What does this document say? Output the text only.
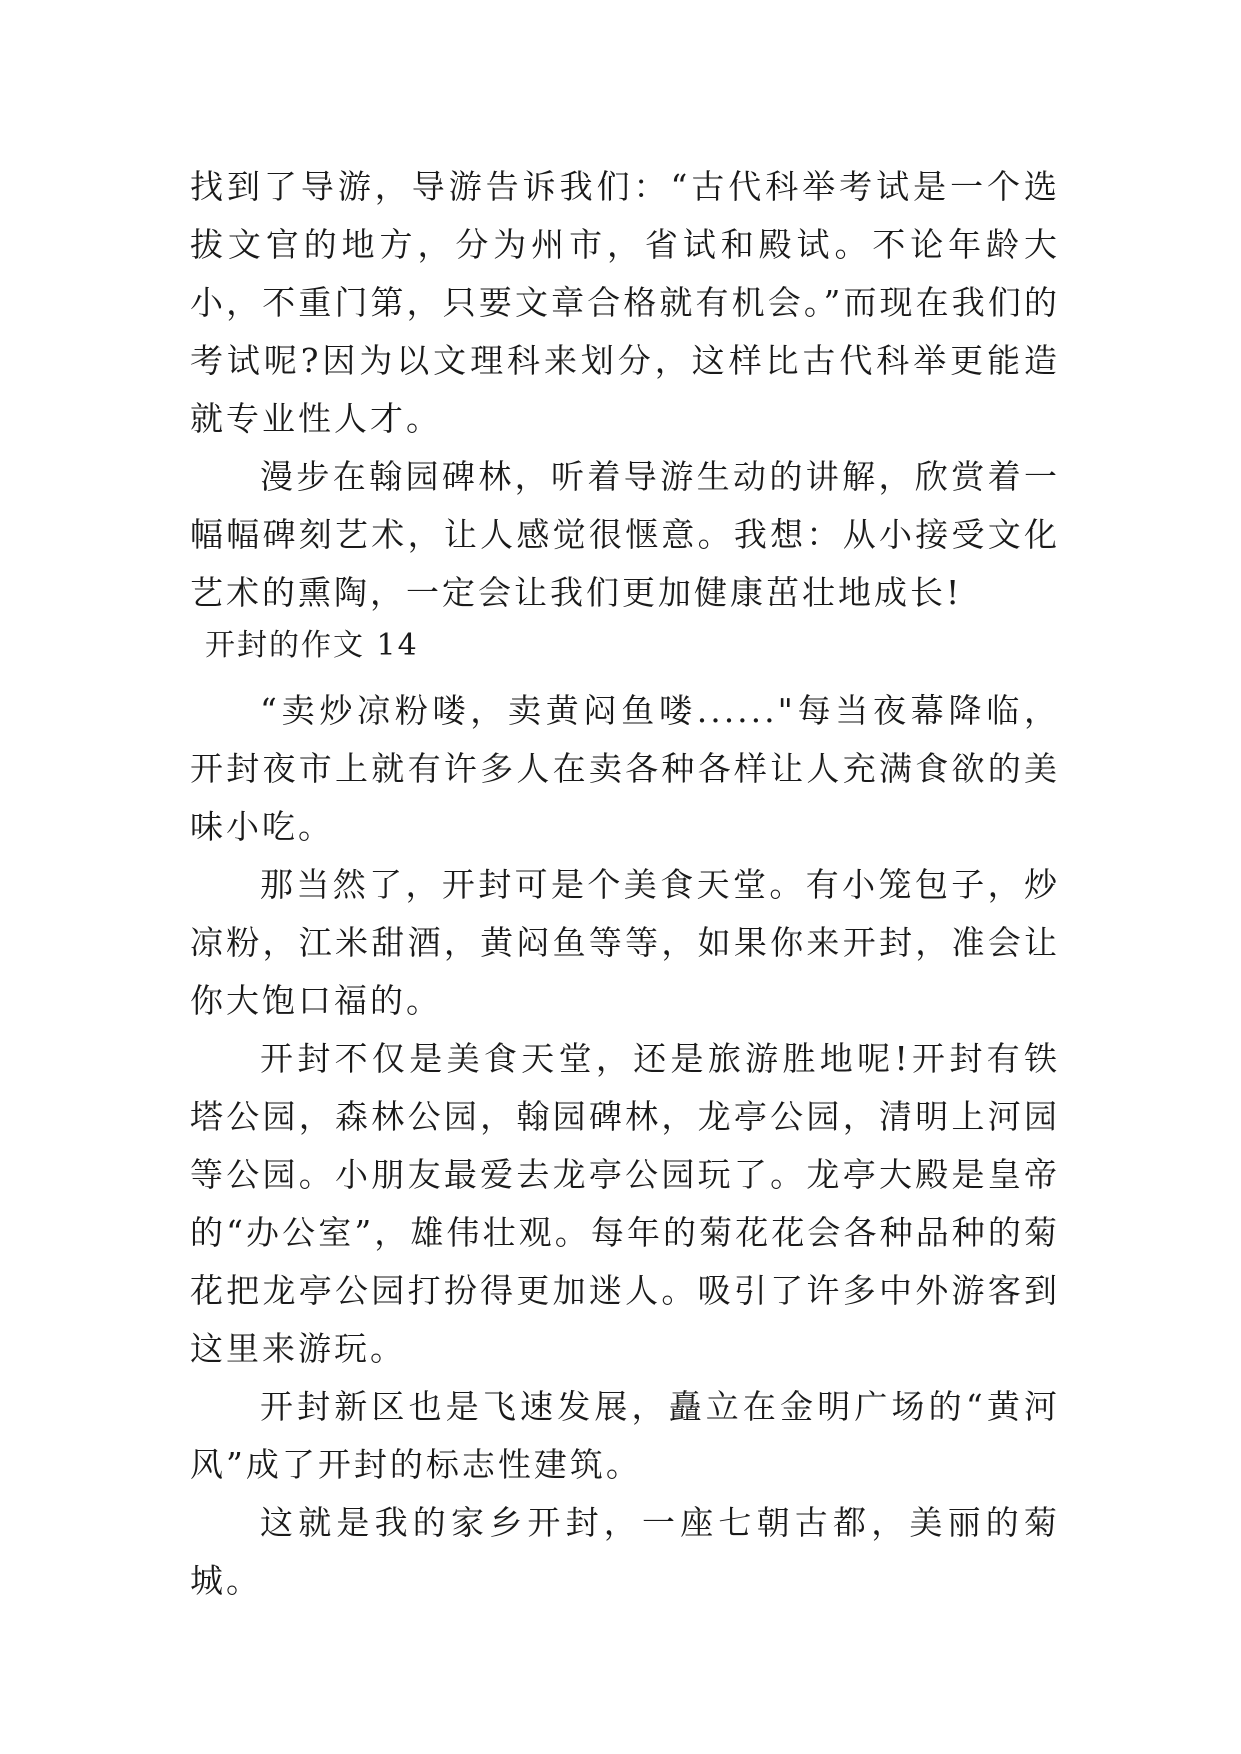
找到了导游，导游告诉我们：“古代科举考试是一个选拔文官的地方，分为州市，省试和殿试。不论年龄大小，不重门第，只要文章合格就有机会。”而现在我们的考试呢?因为以文理科来划分，这样比古代科举更能造就专业性人才。

漫步在翰园碑林，听着导游生动的讲解，欣赏着一幅幅碑刻艺术，让人感觉很惬意。我想：从小接受文化艺术的熏陶，一定会让我们更加健康茁壮地成长!

开封的作文 14

“卖炒凉粉喽，卖黄闷鱼喽......"每当夜幕降临，开封夜市上就有许多人在卖各种各样让人充满食欲的美味小吃。

那当然了，开封可是个美食天堂。有小笼包子，炒凉粉，江米甜酒，黄闷鱼等等，如果你来开封，准会让你大饱口福的。

开封不仅是美食天堂，还是旅游胜地呢!开封有铁塔公园，森林公园，翰园碑林，龙亭公园，清明上河园等公园。小朋友最爱去龙亭公园玩了。龙亭大殿是皇帝的“办公室”，雄伟壮观。每年的菊花花会各种品种的菊花把龙亭公园打扮得更加迷人。吸引了许多中外游客到这里来游玩。

开封新区也是飞速发展，矗立在金明广场的“黄河风”成了开封的标志性建筑。

这就是我的家乡开封，一座七朝古都，美丽的菊城。
